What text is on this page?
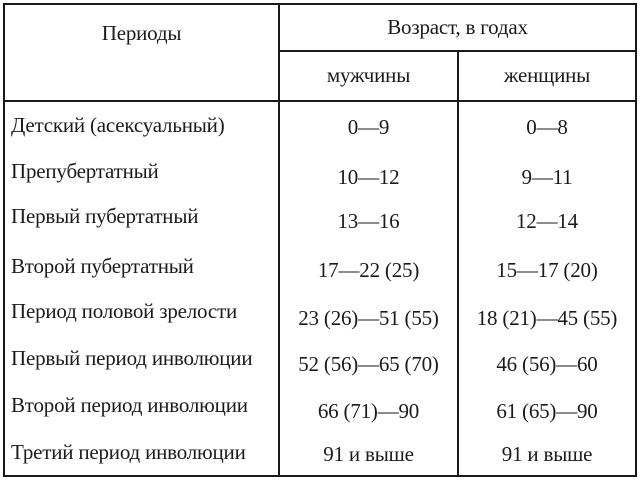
Периоды	Возраст, в годах
мужчины	женщины
Детский (асексуальный)	0—9	0—8
Препубертатный	10—12	9—11
Первый пубертатный	13—16	12—14
Второй пубертатный	17—22 (25)	15—17 (20)
Период половой зрелости	23 (26)—51 (55)	18 (21)—45 (55)
Первый период инволюции	52 (56)—65 (70)	46 (56)—60
Второй период инволюции	66 (71)—90	61 (65)—90
Третий период инволюции	91 и выше	91 и выше
